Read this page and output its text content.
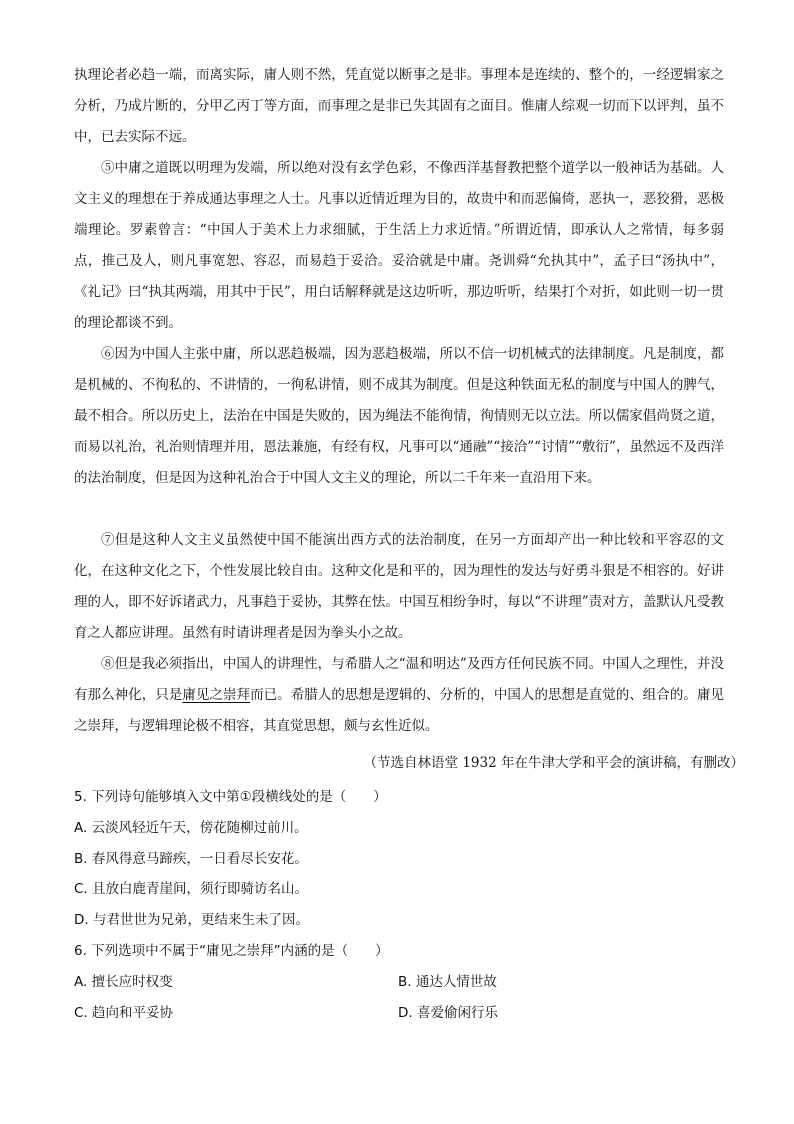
执理论者必趋一端，而离实际，庸人则不然，凭直觉以断事之是非。事理本是连续的、整个的，一经逻辑家之分析，乃成片断的，分甲乙丙丁等方面，而事理之是非已失其固有之面目。惟庸人综观一切而下以评判，虽不中，已去实际不远。

⑤中庸之道既以明理为发端，所以绝对没有玄学色彩，不像西洋基督教把整个道学以一般神话为基础。人文主义的理想在于养成通达事理之人士。凡事以近情近理为目的，故贵中和而恶偏倚，恶执一，恶狡猾，恶极端理论。罗素曾言：“中国人于美术上力求细腻，于生活上力求近情。”所谓近情，即承认人之常情，每多弱点，推己及人，则凡事宽恕、容忍，而易趋于妥洽。妥洽就是中庸。尧训舜“允执其中”，孟子曰“汤执中”，《礼记》曰“执其两端，用其中于民”，用白话解释就是这边听听，那边听听，结果打个对折，如此则一切一贯的理论都谈不到。

⑥因为中国人主张中庸，所以恶趋极端，因为恶趋极端，所以不信一切机械式的法律制度。凡是制度，都是机械的、不徇私的、不讲情的，一徇私讲情，则不成其为制度。但是这种铁面无私的制度与中国人的脾气，最不相合。所以历史上，法治在中国是失败的，因为绳法不能徇情，徇情则无以立法。所以儒家倡尚贤之道，而易以礼治，礼治则情理并用，恩法兼施，有经有权，凡事可以“通融”“接洽”“讨情”“敷衍”，虽然远不及西洋的法治制度，但是因为这种礼治合于中国人文主义的理论，所以二千年来一直沿用下来。

⑦但是这种人文主义虽然使中国不能演出西方式的法治制度，在另一方面却产出一种比较和平容忍的文化，在这种文化之下，个性发展比较自由。这种文化是和平的，因为理性的发达与好勇斗狠是不相容的。好讲理的人，即不好诉诸武力，凡事趋于妥协，其弊在怯。中国互相纷争时，每以“不讲理”责对方，盖默认凡受教育之人都应讲理。虽然有时请讲理者是因为拳头小之故。

⑧但是我必须指出，中国人的讲理性，与希腊人之“温和明达”及西方任何民族不同。中国人之理性，并没有那么神化，只是庸见之崇拜而已。希腊人的思想是逻辑的、分析的，中国人的思想是直觉的、组合的。庸见之崇拜，与逻辑理论极不相容，其直觉思想，颇与玄性近似。

（节选自林语堂 1932 年在牛津大学和平会的演讲稿，有删改）

5. 下列诗句能够填入文中第①段横线处的是（　　）

A. 云淡风轻近午天，傍花随柳过前川。

B. 春风得意马蹄疾，一日看尽长安花。

C. 且放白鹿青崖间，须行即骑访名山。

D. 与君世世为兄弟，更结来生未了因。

6. 下列选项中不属于“庸见之崇拜”内涵的是（　　）

A. 擅长应时权变	B. 通达人情世故

C. 趋向和平妥协	D. 喜爱偷闲行乐
